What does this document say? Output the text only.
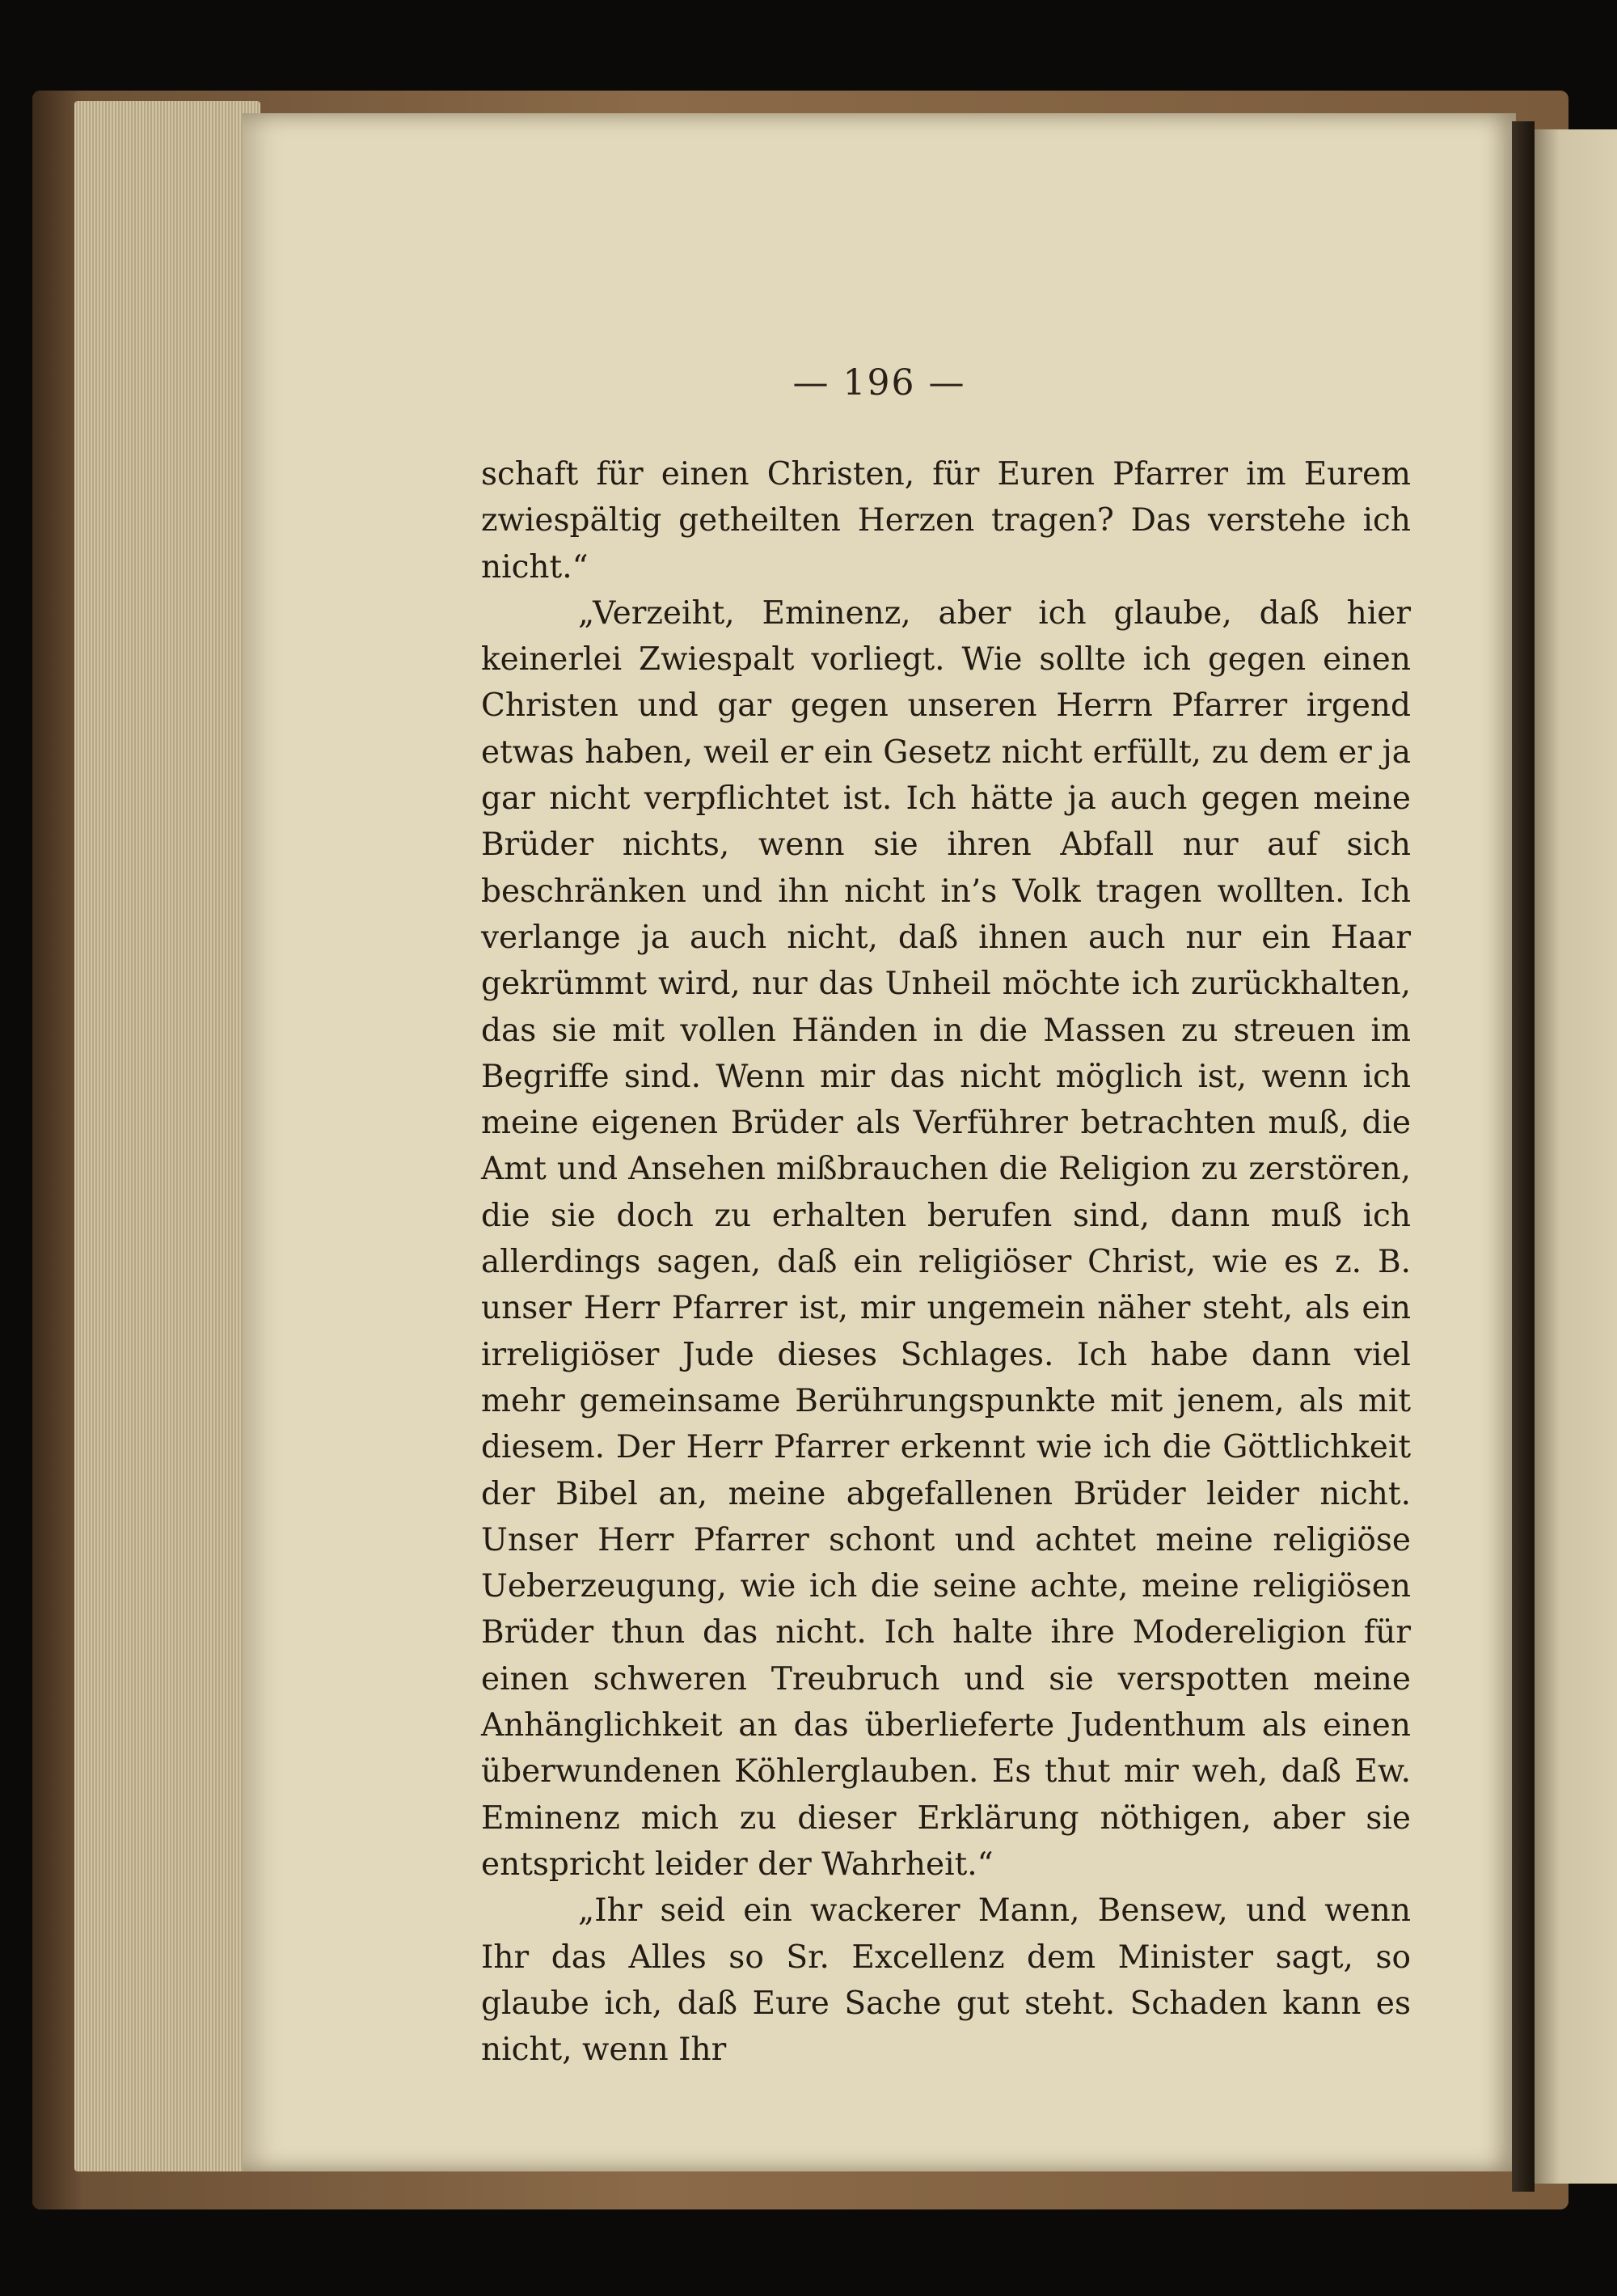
— 196 —

schaft für einen Christen, für Euren Pfarrer im Eurem zwiespältig getheilten Herzen tragen? Das verstehe ich nicht.“

„Verzeiht, Eminenz, aber ich glaube, daß hier keinerlei Zwiespalt vorliegt. Wie sollte ich gegen einen Christen und gar gegen unseren Herrn Pfarrer irgend etwas haben, weil er ein Gesetz nicht erfüllt, zu dem er ja gar nicht verpflichtet ist. Ich hätte ja auch gegen meine Brüder nichts, wenn sie ihren Abfall nur auf sich beschränken und ihn nicht in’s Volk tragen wollten. Ich verlange ja auch nicht, daß ihnen auch nur ein Haar gekrümmt wird, nur das Unheil möchte ich zurückhalten, das sie mit vollen Händen in die Massen zu streuen im Begriffe sind. Wenn mir das nicht möglich ist, wenn ich meine eigenen Brüder als Verführer betrachten muß, die Amt und Ansehen mißbrauchen die Religion zu zerstören, die sie doch zu erhalten berufen sind, dann muß ich allerdings sagen, daß ein religiöser Christ, wie es z. B. unser Herr Pfarrer ist, mir ungemein näher steht, als ein irreligiöser Jude dieses Schlages. Ich habe dann viel mehr gemeinsame Berührungspunkte mit jenem, als mit diesem. Der Herr Pfarrer erkennt wie ich die Göttlichkeit der Bibel an, meine abgefallenen Brüder leider nicht. Unser Herr Pfarrer schont und achtet meine religiöse Ueberzeugung, wie ich die seine achte, meine religiösen Brüder thun das nicht. Ich halte ihre Modereligion für einen schweren Treubruch und sie verspotten meine Anhänglichkeit an das überlieferte Judenthum als einen überwundenen Köhlerglauben. Es thut mir weh, daß Ew. Eminenz mich zu dieser Erklärung nöthigen, aber sie entspricht leider der Wahrheit.“

„Ihr seid ein wackerer Mann, Bensew, und wenn Ihr das Alles so Sr. Excellenz dem Minister sagt, so glaube ich, daß Eure Sache gut steht. Schaden kann es nicht, wenn Ihr
